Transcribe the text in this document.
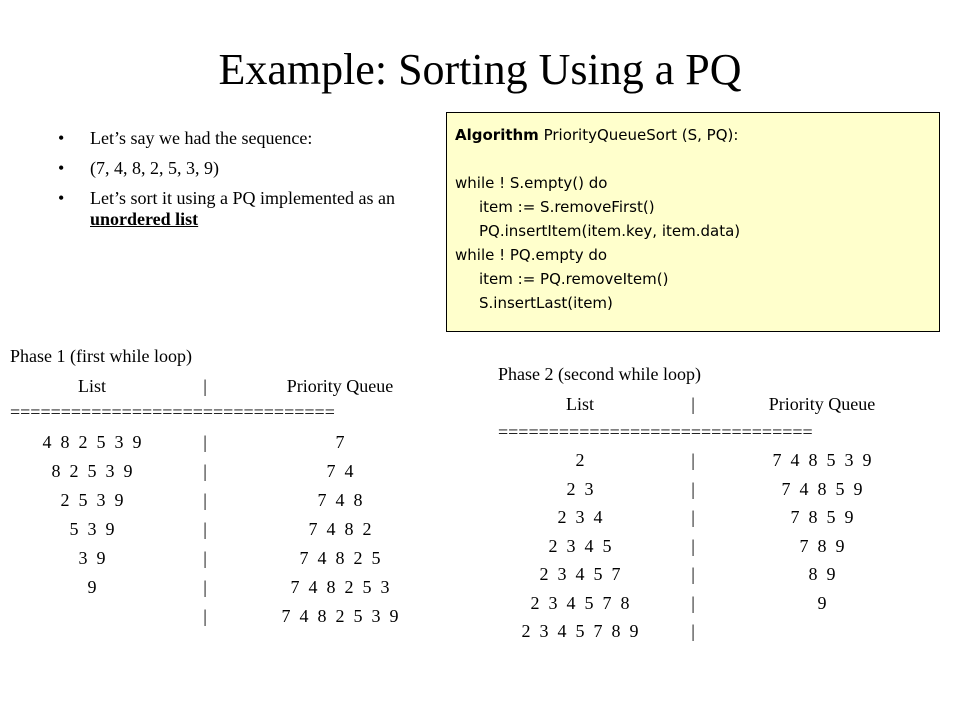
Example: Sorting Using a PQ
• Let’s say we had the sequence:
• (7, 4, 8, 2, 5, 3, 9)
• Let’s sort it using a PQ implemented as an unordered list
Algorithm PriorityQueueSort (S, PQ):

while ! S.empty() do
item := S.removeFirst()
PQ.insertItem(item.key, item.data)
while ! PQ.empty do
item := PQ.removeItem()
S.insertLast(item)
Phase 1 (first while loop)
List	|	Priority Queue
================================
4  8  2  5  3  9	|	7
8  2  5  3  9	|	7  4
2  5  3  9	|	7  4  8
5  3  9	|	7  4  8  2
3  9	|	7  4  8  2  5
9	|	7  4  8  2  5  3
|	7  4  8  2  5  3  9
Phase 2 (second while loop)
List	|	Priority Queue
===============================
2	|	7  4  8  5  3  9
2  3	|	7  4  8  5  9
2  3  4	|	7  8  5  9
2  3  4  5	|	7  8  9
2  3  4  5  7	|	8  9
2  3  4  5  7  8	|	9
2  3  4  5  7  8  9	|
